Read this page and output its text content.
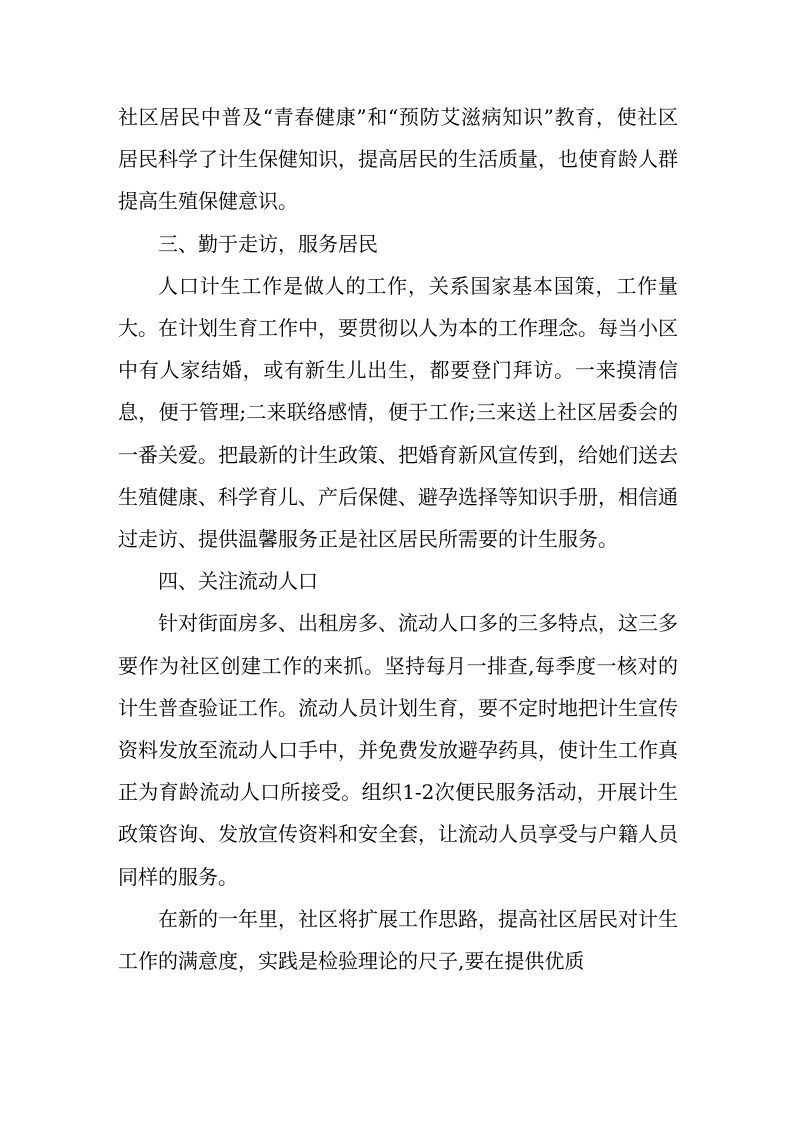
社区居民中普及“青春健康”和“预防艾滋病知识”教育，使社区居民科学了计生保健知识，提高居民的生活质量，也使育龄人群提高生殖保健意识。

三、勤于走访，服务居民

人口计生工作是做人的工作，关系国家基本国策，工作量大。在计划生育工作中，要贯彻以人为本的工作理念。每当小区中有人家结婚，或有新生儿出生，都要登门拜访。一来摸清信息，便于管理;二来联络感情，便于工作;三来送上社区居委会的一番关爱。把最新的计生政策、把婚育新风宣传到，给她们送去生殖健康、科学育儿、产后保健、避孕选择等知识手册，相信通过走访、提供温馨服务正是社区居民所需要的计生服务。

四、关注流动人口

针对街面房多、出租房多、流动人口多的三多特点，这三多要作为社区创建工作的来抓。坚持每月一排查,每季度一核对的计生普查验证工作。流动人员计划生育，要不定时地把计生宣传资料发放至流动人口手中，并免费发放避孕药具，使计生工作真正为育龄流动人口所接受。组织1-2次便民服务活动，开展计生政策咨询、发放宣传资料和安全套，让流动人员享受与户籍人员同样的服务。

在新的一年里，社区将扩展工作思路，提高社区居民对计生工作的满意度，实践是检验理论的尺子,要在提供优质
